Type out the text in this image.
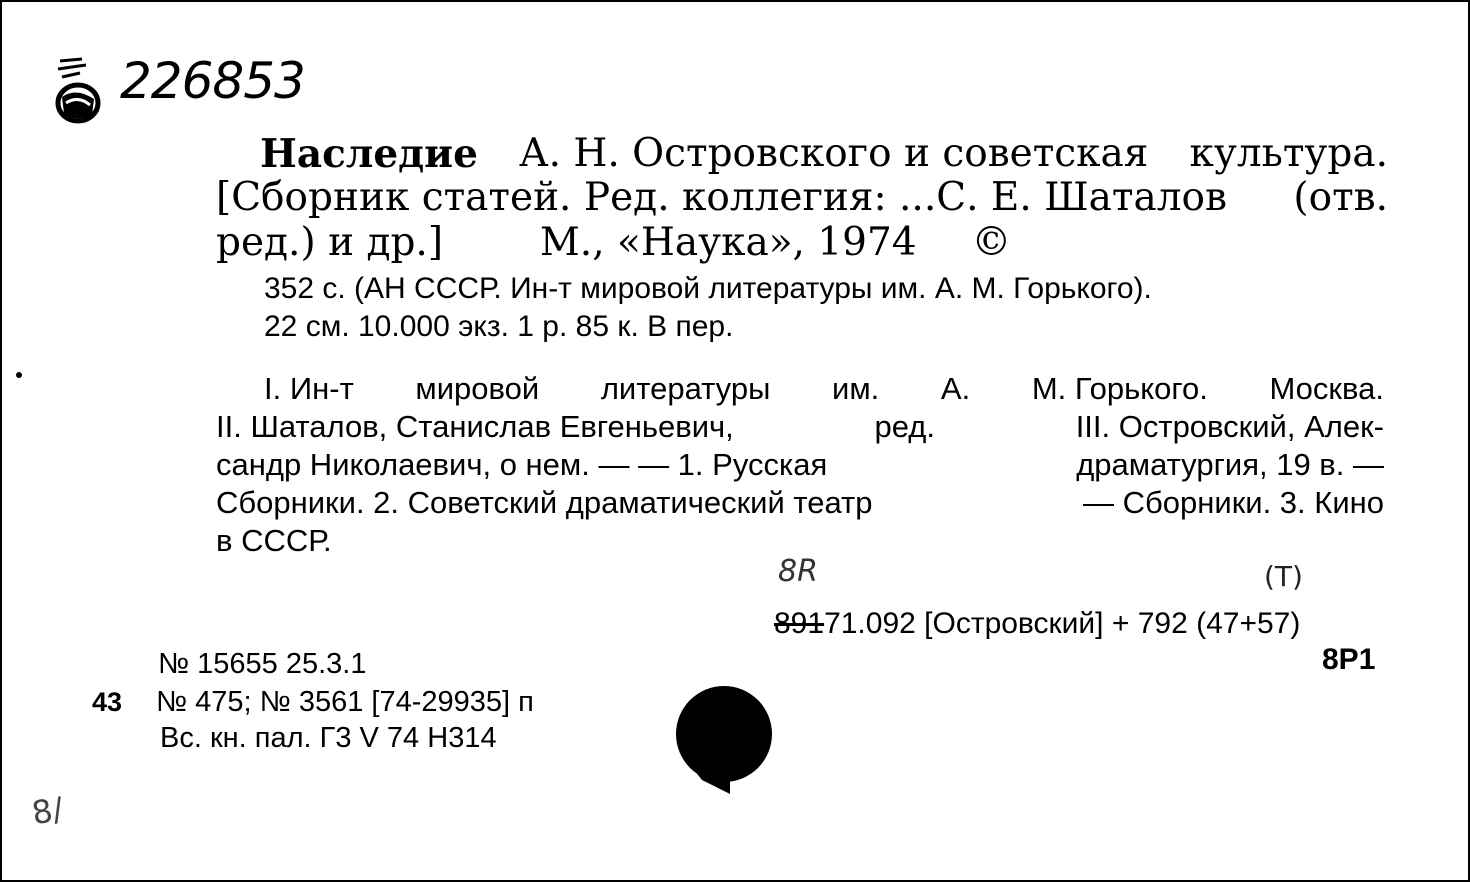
226853
Наследие А. Н. Островского и советская культура.
[Сборник статей. Ред. коллегия: ...С. Е. Шаталов (отв.
ред.) и др.] М., «Наука», 1974 ©
352 с. (АН СССР. Ин-т мировой литературы им. А. М. Горького).
22 см. 10.000 экз. 1 р. 85 к. В пер.
I. Ин-т мировой литературы им. А. М. Горького. Москва.
II. Шаталов, Станислав Евгеньевич,	ред.	III. Островский, Алек-
сандр Николаевич, о нем. — — 1. Русская	драматургия, 19 в. —
Сборники. 2. Советский драматический театр	— Сборники. 3. Кино
в СССР.
8R	(T)
89171.092 [Островский] + 792 (47+57)
8Р1
№ 15655 25.3.1
43 № 475; № 3561 [74-29935] п
Вс. кн. пал. Г3 V 74 Н314
8/
